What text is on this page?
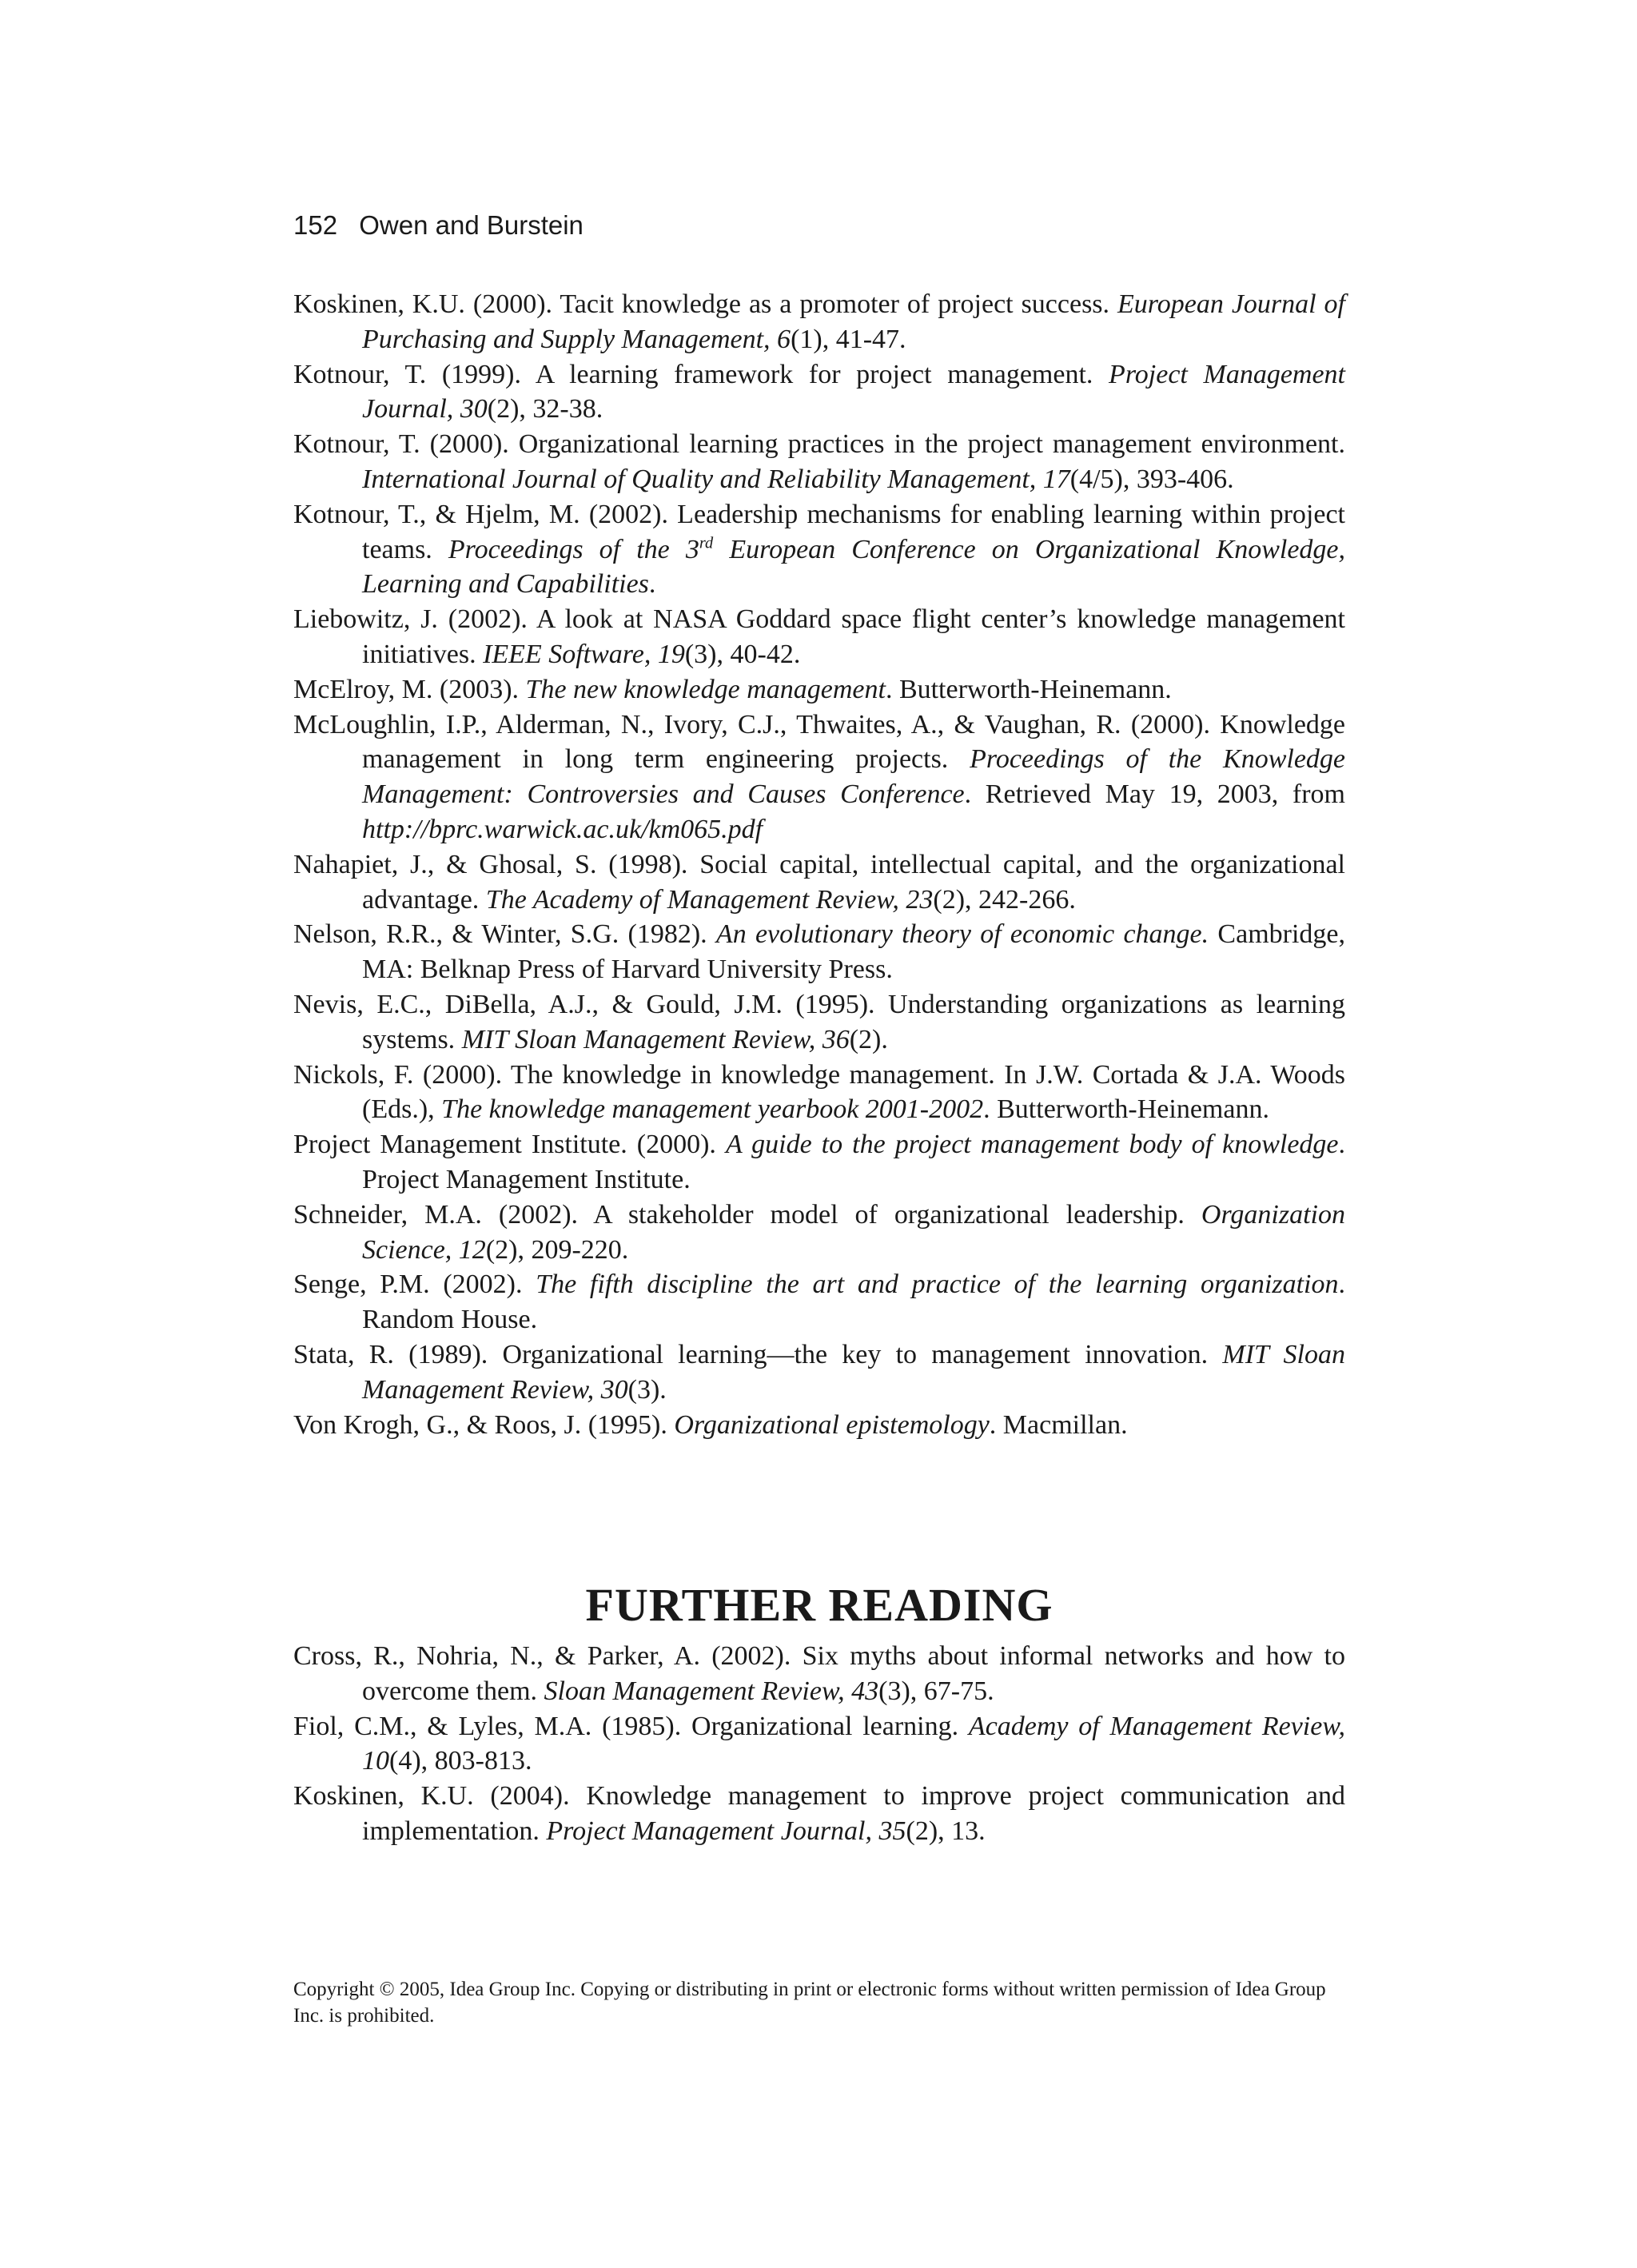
152 Owen and Burstein

Koskinen, K.U. (2000). Tacit knowledge as a promoter of project success. European Journal of Purchasing and Supply Management, 6(1), 41-47.

Kotnour, T. (1999). A learning framework for project management. Project Management Journal, 30(2), 32-38.

Kotnour, T. (2000). Organizational learning practices in the project management environment. International Journal of Quality and Reliability Management, 17(4/5), 393-406.

Kotnour, T., & Hjelm, M. (2002). Leadership mechanisms for enabling learning within project teams. Proceedings of the 3rd European Conference on Organizational Knowledge, Learning and Capabilities.

Liebowitz, J. (2002). A look at NASA Goddard space flight center’s knowledge management initiatives. IEEE Software, 19(3), 40-42.

McElroy, M. (2003). The new knowledge management. Butterworth-Heinemann.

McLoughlin, I.P., Alderman, N., Ivory, C.J., Thwaites, A., & Vaughan, R. (2000). Knowledge management in long term engineering projects. Proceedings of the Knowledge Management: Controversies and Causes Conference. Retrieved May 19, 2003, from http://bprc.warwick.ac.uk/km065.pdf

Nahapiet, J., & Ghosal, S. (1998). Social capital, intellectual capital, and the organizational advantage. The Academy of Management Review, 23(2), 242-266.

Nelson, R.R., & Winter, S.G. (1982). An evolutionary theory of economic change. Cambridge, MA: Belknap Press of Harvard University Press.

Nevis, E.C., DiBella, A.J., & Gould, J.M. (1995). Understanding organizations as learning systems. MIT Sloan Management Review, 36(2).

Nickols, F. (2000). The knowledge in knowledge management. In J.W. Cortada & J.A. Woods (Eds.), The knowledge management yearbook 2001-2002. Butterworth-Heinemann.

Project Management Institute. (2000). A guide to the project management body of knowledge. Project Management Institute.

Schneider, M.A. (2002). A stakeholder model of organizational leadership. Organization Science, 12(2), 209-220.

Senge, P.M. (2002). The fifth discipline the art and practice of the learning organization. Random House.

Stata, R. (1989). Organizational learning—the key to management innovation. MIT Sloan Management Review, 30(3).

Von Krogh, G., & Roos, J. (1995). Organizational epistemology. Macmillan.

FURTHER READING

Cross, R., Nohria, N., & Parker, A. (2002). Six myths about informal networks and how to overcome them. Sloan Management Review, 43(3), 67-75.

Fiol, C.M., & Lyles, M.A. (1985). Organizational learning. Academy of Management Review, 10(4), 803-813.

Koskinen, K.U. (2004). Knowledge management to improve project communication and implementation. Project Management Journal, 35(2), 13.

Copyright © 2005, Idea Group Inc. Copying or distributing in print or electronic forms without written permission of Idea Group Inc. is prohibited.
